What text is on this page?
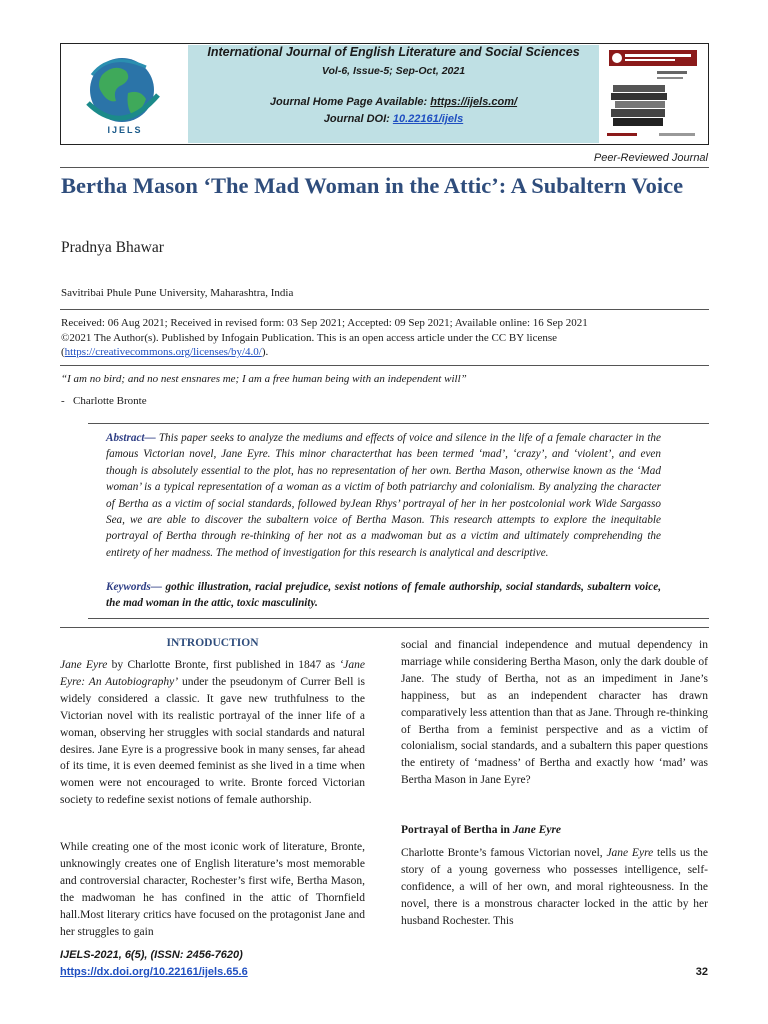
IJELS
International Journal of English Literature and Social Sciences
Vol-6, Issue-5; Sep-Oct, 2021
Journal Home Page Available: https://ijels.com/
Journal DOI: 10.22161/ijels
Peer-Reviewed Journal
Bertha Mason ‘The Mad Woman in the Attic’: A Subaltern Voice
Pradnya Bhawar
Savitribai Phule Pune University, Maharashtra, India
Received: 06 Aug 2021; Received in revised form: 03 Sep 2021; Accepted: 09 Sep 2021; Available online: 16 Sep 2021
©2021 The Author(s). Published by Infogain Publication. This is an open access article under the CC BY license
(https://creativecommons.org/licenses/by/4.0/).
“I am no bird; and no nest ensnares me; I am a free human being with an independent will”
- Charlotte Bronte
Abstract— This paper seeks to analyze the mediums and effects of voice and silence in the life of a female character in the famous Victorian novel, Jane Eyre. This minor characterthat has been termed ‘mad’, ‘crazy’, and ‘violent’, and even though is absolutely essential to the plot, has no representation of her own. Bertha Mason, otherwise known as the ‘Mad woman’ is a typical representation of a woman as a victim of both patriarchy and colonialism. By analyzing the character of Bertha as a victim of social standards, followed byJean Rhys’ portrayal of her in her postcolonial work Wide Sargasso Sea, we are able to discover the subaltern voice of Bertha Mason. This research attempts to explore the inequitable portrayal of Bertha through re-thinking of her not as a madwoman but as a victim and ultimately comprehending the entirety of her madness. The method of investigation for this research is analytical and descriptive.
Keywords— gothic illustration, racial prejudice, sexist notions of female authorship, social standards, subaltern voice, the mad woman in the attic, toxic masculinity.
INTRODUCTION
Jane Eyre by Charlotte Bronte, first published in 1847 as ‘Jane Eyre: An Autobiography’ under the pseudonym of Currer Bell is widely considered a classic. It gave new truthfulness to the Victorian novel with its realistic portrayal of the inner life of a woman, observing her struggles with social standards and natural desires. Jane Eyre is a progressive book in many senses, far ahead of its time, it is even deemed feminist as she lived in a time when women were not encouraged to write. Bronte forced Victorian society to redefine sexist notions of female authorship.
While creating one of the most iconic work of literature, Bronte, unknowingly creates one of English literature’s most memorable and controversial character, Rochester’s first wife, Bertha Mason, the madwoman he has confined in the attic of Thornfield hall.Most literary critics have focused on the protagonist Jane and her struggles to gain
social and financial independence and mutual dependency in marriage while considering Bertha Mason, only the dark double of Jane. The study of Bertha, not as an impediment in Jane’s happiness, but as an independent character has drawn comparatively less attention than that as Jane. Through re-thinking of Bertha from a feminist perspective and as a victim of colonialism, social standards, and a subaltern this paper questions the entirety of ‘madness’ of Bertha and exactly how ‘mad’ was Bertha Mason in Jane Eyre?
Portrayal of Bertha in Jane Eyre
Charlotte Bronte’s famous Victorian novel, Jane Eyre tells us the story of a young governess who possesses intelligence, self-confidence, a will of her own, and moral righteousness. In the novel, there is a monstrous character locked in the attic by her husband Rochester. This
IJELS-2021, 6(5), (ISSN: 2456-7620)
https://dx.doi.org/10.22161/ijels.65.6	32
